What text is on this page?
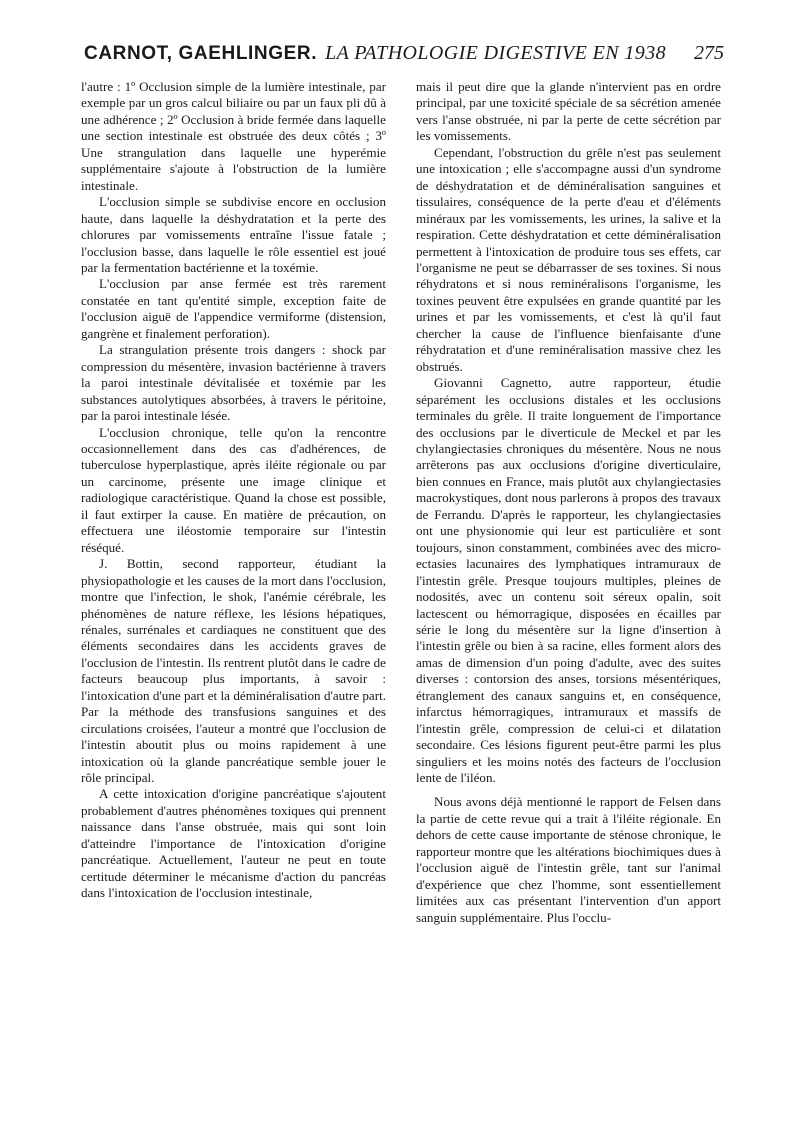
CARNOT, GAEHLINGER. LA PATHOLOGIE DIGESTIVE EN 1938 275

l'autre : 1º Occlusion simple de la lumière intestinale, par exemple par un gros calcul biliaire ou par un faux pli dû à une adhérence ; 2º Occlusion à bride fermée dans laquelle une section intestinale est obstruée des deux côtés ; 3º Une strangulation dans laquelle une hyperémie supplémentaire s'ajoute à l'obstruction de la lumière intestinale.

L'occlusion simple se subdivise encore en occlusion haute, dans laquelle la déshydratation et la perte des chlorures par vomissements entraîne l'issue fatale ; l'occlusion basse, dans laquelle le rôle essentiel est joué par la fermentation bactérienne et la toxémie.

L'occlusion par anse fermée est très rarement constatée en tant qu'entité simple, exception faite de l'occlusion aiguë de l'appendice vermiforme (distension, gangrène et finalement perforation).

La strangulation présente trois dangers : shock par compression du mésentère, invasion bactérienne à travers la paroi intestinale dévitalisée et toxémie par les substances autolytiques absorbées, à travers le péritoine, par la paroi intestinale lésée.

L'occlusion chronique, telle qu'on la rencontre occasionnellement dans des cas d'adhérences, de tuberculose hyperplastique, après iléite régionale ou par un carcinome, présente une image clinique et radiologique caractéristique. Quand la chose est possible, il faut extirper la cause. En matière de précaution, on effectuera une iléostomie temporaire sur l'intestin réséqué.

J. Bottin, second rapporteur, étudiant la physiopathologie et les causes de la mort dans l'occlusion, montre que l'infection, le shok, l'anémie cérébrale, les phénomènes de nature réflexe, les lésions hépatiques, rénales, surrénales et cardiaques ne constituent que des éléments secondaires dans les accidents graves de l'occlusion de l'intestin. Ils rentrent plutôt dans le cadre de facteurs beaucoup plus importants, à savoir : l'intoxication d'une part et la déminéralisation d'autre part. Par la méthode des transfusions sanguines et des circulations croisées, l'auteur a montré que l'occlusion de l'intestin aboutit plus ou moins rapidement à une intoxication où la glande pancréatique semble jouer le rôle principal.

A cette intoxication d'origine pancréatique s'ajoutent probablement d'autres phénomènes toxiques qui prennent naissance dans l'anse obstruée, mais qui sont loin d'atteindre l'importance de l'intoxication d'origine pancréatique. Actuellement, l'auteur ne peut en toute certitude déterminer le mécanisme d'action du pancréas dans l'intoxication de l'occlusion intestinale,

mais il peut dire que la glande n'intervient pas en ordre principal, par une toxicité spéciale de sa sécrétion amenée vers l'anse obstruée, ni par la perte de cette sécrétion par les vomissements.

Cependant, l'obstruction du grêle n'est pas seulement une intoxication ; elle s'accompagne aussi d'un syndrome de déshydratation et de déminéralisation sanguines et tissulaires, conséquence de la perte d'eau et d'éléments minéraux par les vomissements, les urines, la salive et la respiration. Cette déshydratation et cette déminéralisation permettent à l'intoxication de produire tous ses effets, car l'organisme ne peut se débarrasser de ses toxines. Si nous réhydratons et si nous reminéralisons l'organisme, les toxines peuvent être expulsées en grande quantité par les urines et par les vomissements, et c'est là qu'il faut chercher la cause de l'influence bienfaisante d'une réhydratation et d'une reminéralisation massive chez les obstrués.

Giovanni Cagnetto, autre rapporteur, étudie séparément les occlusions distales et les occlusions terminales du grêle. Il traite longuement de l'importance des occlusions par le diverticule de Meckel et par les chylangiectasies chroniques du mésentère. Nous ne nous arrêterons pas aux occlusions d'origine diverticulaire, bien connues en France, mais plutôt aux chylangiectasies macrokystiques, dont nous parlerons à propos des travaux de Ferrandu. D'après le rapporteur, les chylangiectasies ont une physionomie qui leur est particulière et sont toujours, sinon constamment, combinées avec des micro-ectasies lacunaires des lymphatiques intramuraux de l'intestin grêle. Presque toujours multiples, pleines de nodosités, avec un contenu soit séreux opalin, soit lactescent ou hémorragique, disposées en écailles par série le long du mésentère sur la ligne d'insertion à l'intestin grêle ou bien à sa racine, elles forment alors des amas de dimension d'un poing d'adulte, avec des suites diverses : contorsion des anses, torsions mésentériques, étranglement des canaux sanguins et, en conséquence, infarctus hémorragiques, intramuraux et massifs de l'intestin grêle, compression de celui-ci et dilatation secondaire. Ces lésions figurent peut-être parmi les plus singuliers et les moins notés des facteurs de l'occlusion lente de l'iléon.

Nous avons déjà mentionné le rapport de Felsen dans la partie de cette revue qui a trait à l'iléite régionale. En dehors de cette cause importante de sténose chronique, le rapporteur montre que les altérations biochimiques dues à l'occlusion aiguë de l'intestin grêle, tant sur l'animal d'expérience que chez l'homme, sont essentiellement limitées aux cas présentant l'intervention d'un apport sanguin supplémentaire. Plus l'occlu-
